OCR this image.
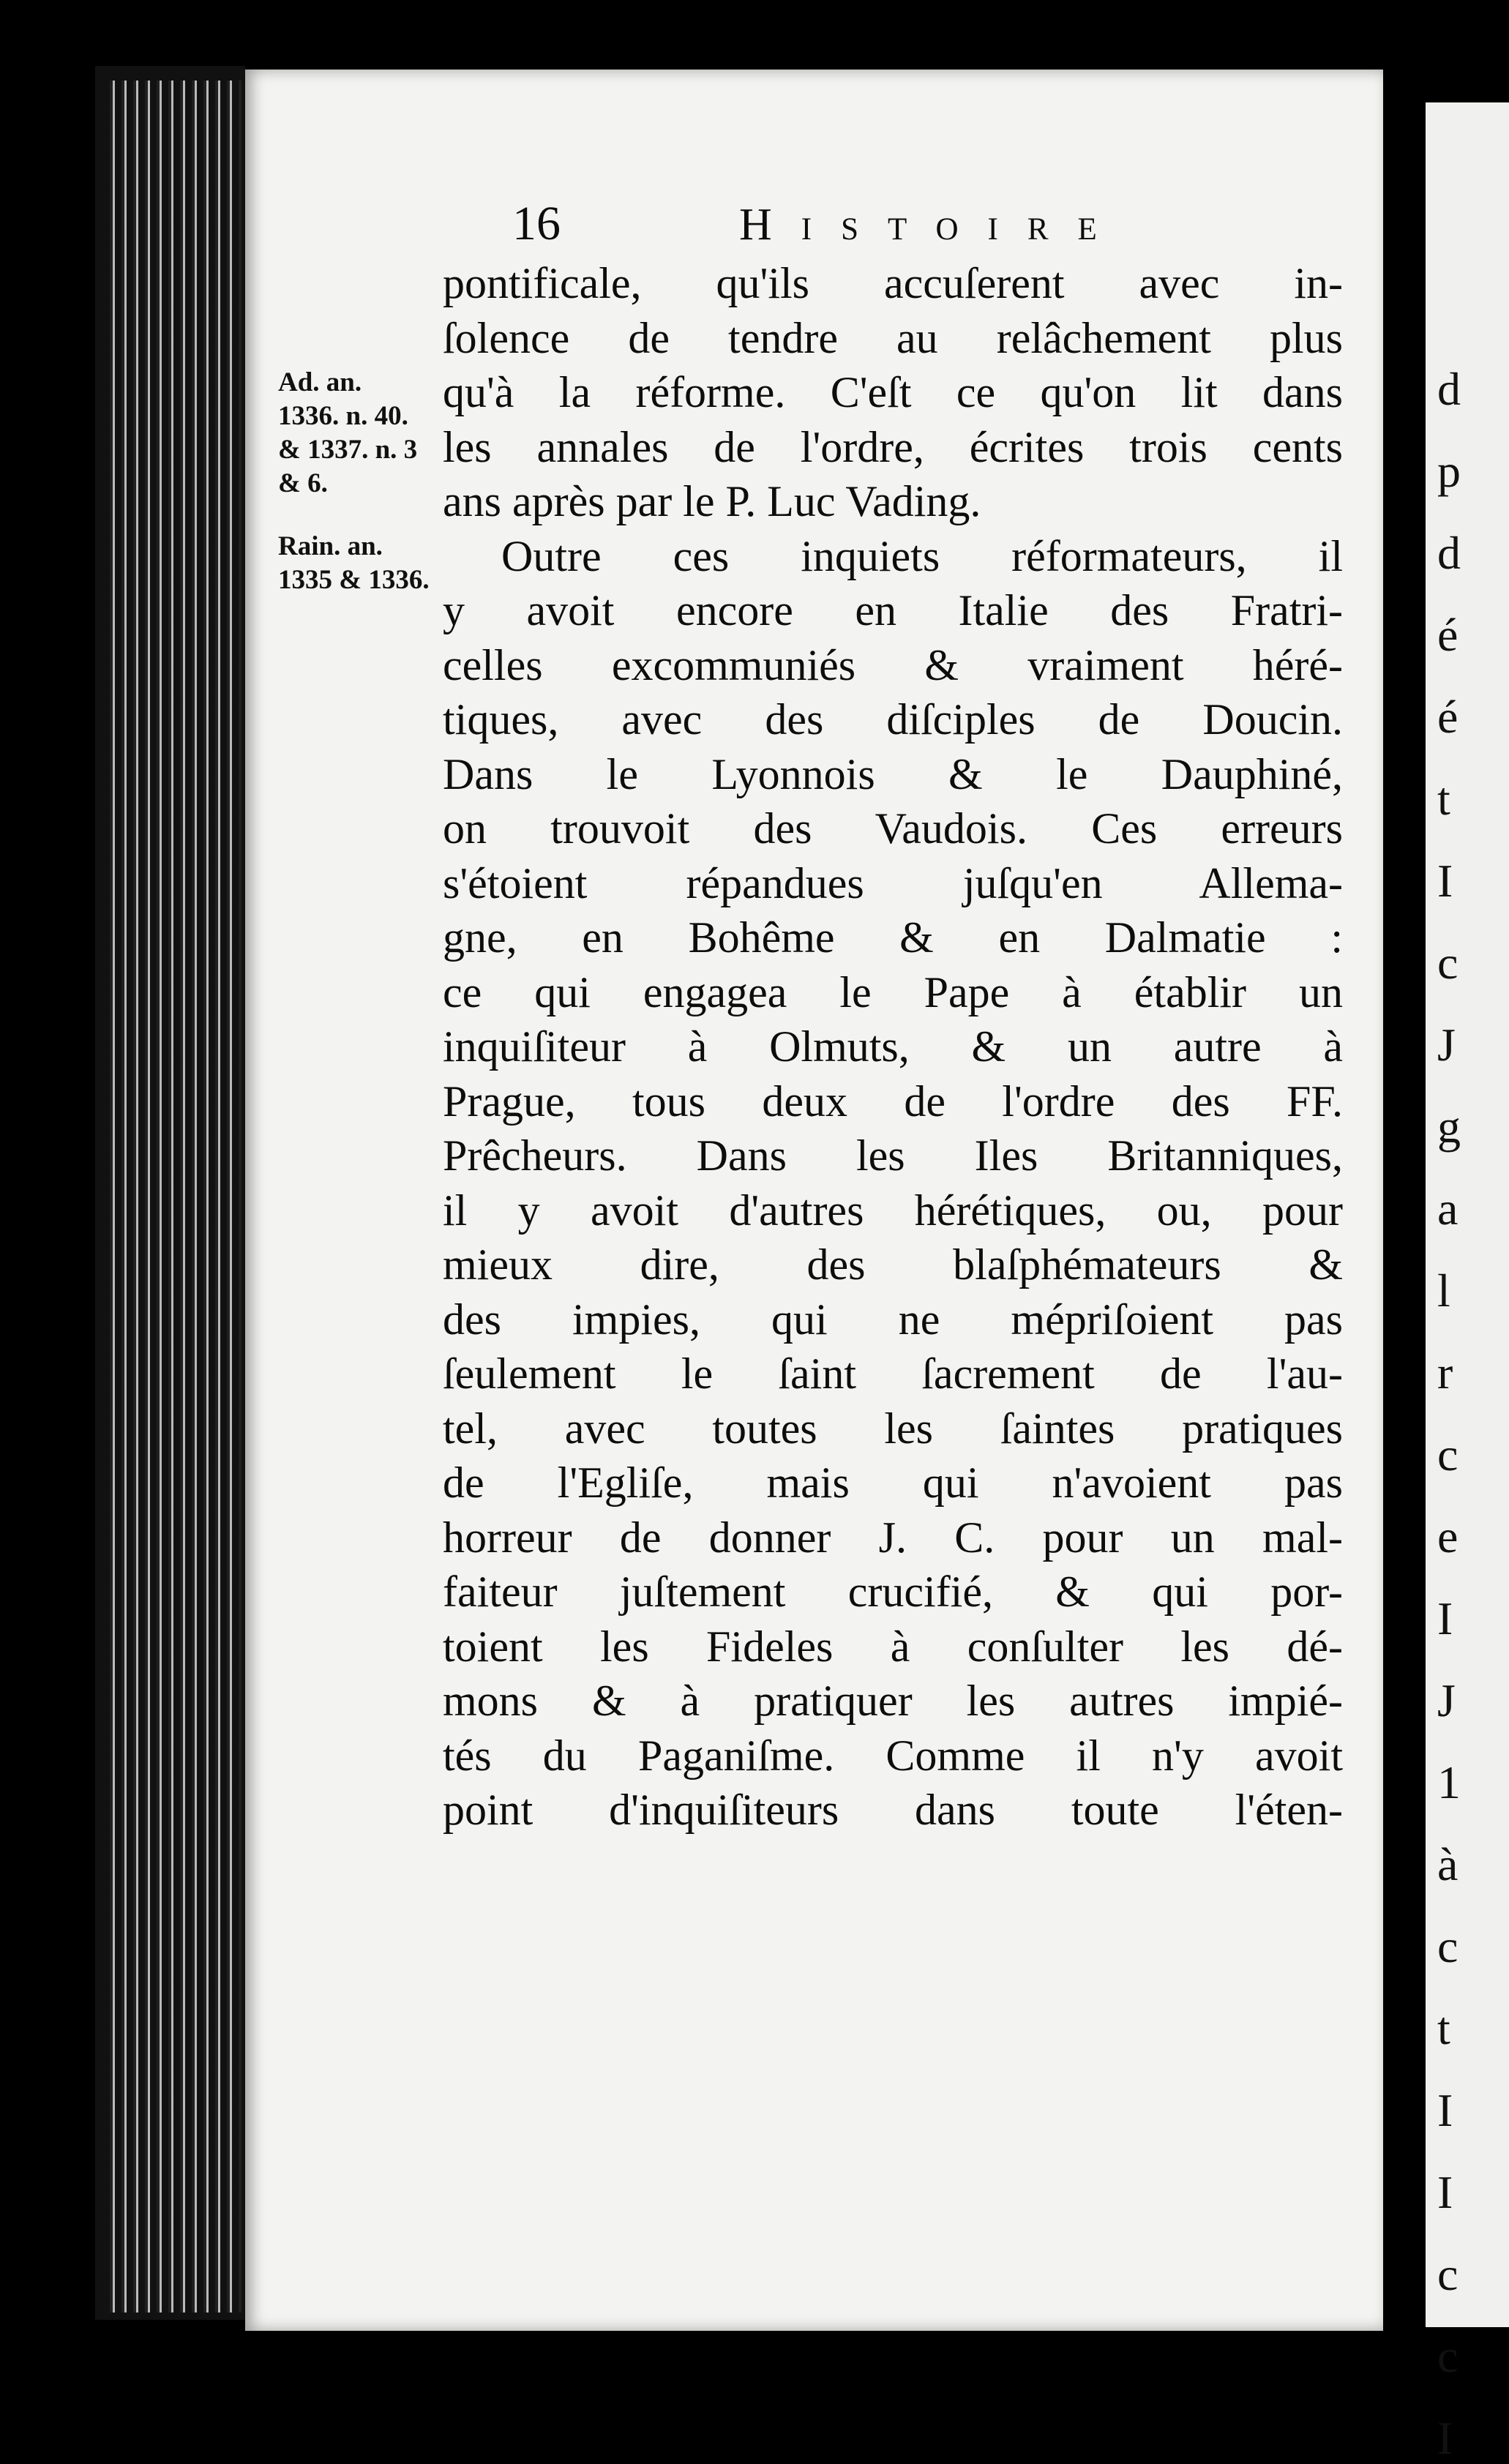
d
p
d
é
é
t
I
c
J
g
a
l
r
c
e
I
J
1
à
c
t
I
I
c
c
I
16	Histoire
Ad. an.
1336. n. 40.
& 1337. n. 3
& 6.
Rain. an.
1335 & 1336.
pontificale, qu'ils accuſerent avec in-
ſolence de tendre au relâchement plus
qu'à la réforme. C'eſt ce qu'on lit dans
les annales de l'ordre, écrites trois cents
ans après par le P. Luc Vading.
Outre ces inquiets réformateurs, il
y avoit encore en Italie des Fratri-
celles excommuniés & vraiment héré-
tiques, avec des diſciples de Doucin.
Dans le Lyonnois & le Dauphiné,
on trouvoit des Vaudois. Ces erreurs
s'étoient répandues juſqu'en Allema-
gne, en Bohême & en Dalmatie :
ce qui engagea le Pape à établir un
inquiſiteur à Olmuts, & un autre à
Prague, tous deux de l'ordre des FF.
Prêcheurs. Dans les Iles Britanniques,
il y avoit d'autres hérétiques, ou, pour
mieux dire, des blaſphémateurs &
des impies, qui ne mépriſoient pas
ſeulement le ſaint ſacrement de l'au-
tel, avec toutes les ſaintes pratiques
de l'Egliſe, mais qui n'avoient pas
horreur de donner J. C. pour un mal-
faiteur juſtement crucifié, & qui por-
toient les Fideles à conſulter les dé-
mons & à pratiquer les autres impié-
tés du Paganiſme. Comme il n'y avoit
point d'inquiſiteurs dans toute l'éten-
